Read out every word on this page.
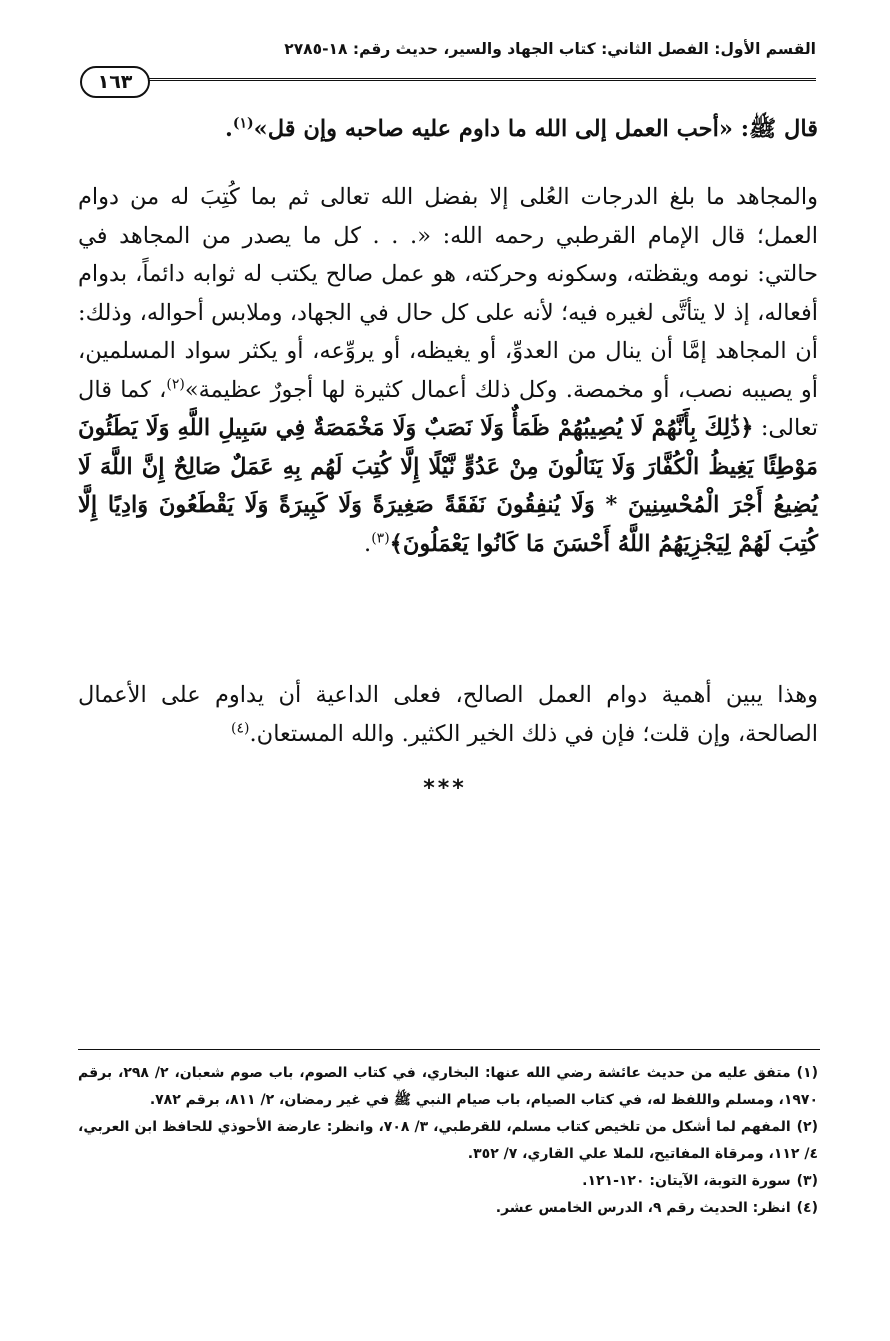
القسم الأول: الفصل الثاني: كتاب الجهاد والسير، حديث رقم: ١٨-٢٧٨٥
١٦٣
قال ﷺ: «أحب العمل إلى الله ما داوم عليه صاحبه وإن قل»$^{(١)}$.
والمجاهد ما بلغ الدرجات العُلى إلا بفضل الله تعالى ثم بما كُتِبَ له من دوام العمل؛ قال الإمام القرطبي رحمه الله: «. . . كل ما يصدر من المجاهد في حالتي: نومه ويقظته، وسكونه وحركته، هو عمل صالح يكتب له ثوابه دائماً، بدوام أفعاله، إذ لا يتأتَّى لغيره فيه؛ لأنه على كل حال في الجهاد، وملابس أحواله، وذلك: أن المجاهد إمَّا أن ينال من العدوِّ، أو يغيظه، أو يروِّعه، أو يكثر سواد المسلمين، أو يصيبه نصب، أو مخمصة. وكل ذلك أعمال كثيرة لها أجورٌ عظيمة»$^{(٢)}$، كما قال تعالى: ﴿ذَٰلِكَ بِأَنَّهُمْ لَا يُصِيبُهُمْ ظَمَأٌ وَلَا نَصَبٌ وَلَا مَخْمَصَةٌ فِي سَبِيلِ اللَّهِ وَلَا يَطَئُونَ مَوْطِئًا يَغِيظُ الْكُفَّارَ وَلَا يَنَالُونَ مِنْ عَدُوٍّ نَّيْلًا إِلَّا كُتِبَ لَهُم بِهِ عَمَلٌ صَالِحٌ إِنَّ اللَّهَ لَا يُضِيعُ أَجْرَ الْمُحْسِنِينَ * وَلَا يُنفِقُونَ نَفَقَةً صَغِيرَةً وَلَا كَبِيرَةً وَلَا يَقْطَعُونَ وَادِيًا إِلَّا كُتِبَ لَهُمْ لِيَجْزِيَهُمُ اللَّهُ أَحْسَنَ مَا كَانُوا يَعْمَلُونَ﴾$^{(٣)}$.
وهذا يبين أهمية دوام العمل الصالح، فعلى الداعية أن يداوم على الأعمال الصالحة، وإن قلت؛ فإن في ذلك الخير الكثير. والله المستعان.$^{(٤)}$
***

(١)متفق عليه من حديث عائشة رضي الله عنها: البخاري، في كتاب الصوم، باب صوم شعبان، ٢/ ٢٩٨، برقم ١٩٧٠، ومسلم واللفظ له، في كتاب الصيام، باب صيام النبي ﷺ في غير رمضان، ٢/ ٨١١، برقم ٧٨٢.

(٢)المفهم لما أشكل من تلخيص كتاب مسلم، للقرطبي، ٣/ ٧٠٨، وانظر: عارضة الأحوذي للحافظ ابن العربي، ٤/ ١١٢، ومرقاة المفاتيح، للملا علي القاري، ٧/ ٣٥٢.

(٣)سورة التوبة، الآيتان: ١٢٠-١٢١.

(٤)انظر: الحديث رقم ٩، الدرس الخامس عشر.
